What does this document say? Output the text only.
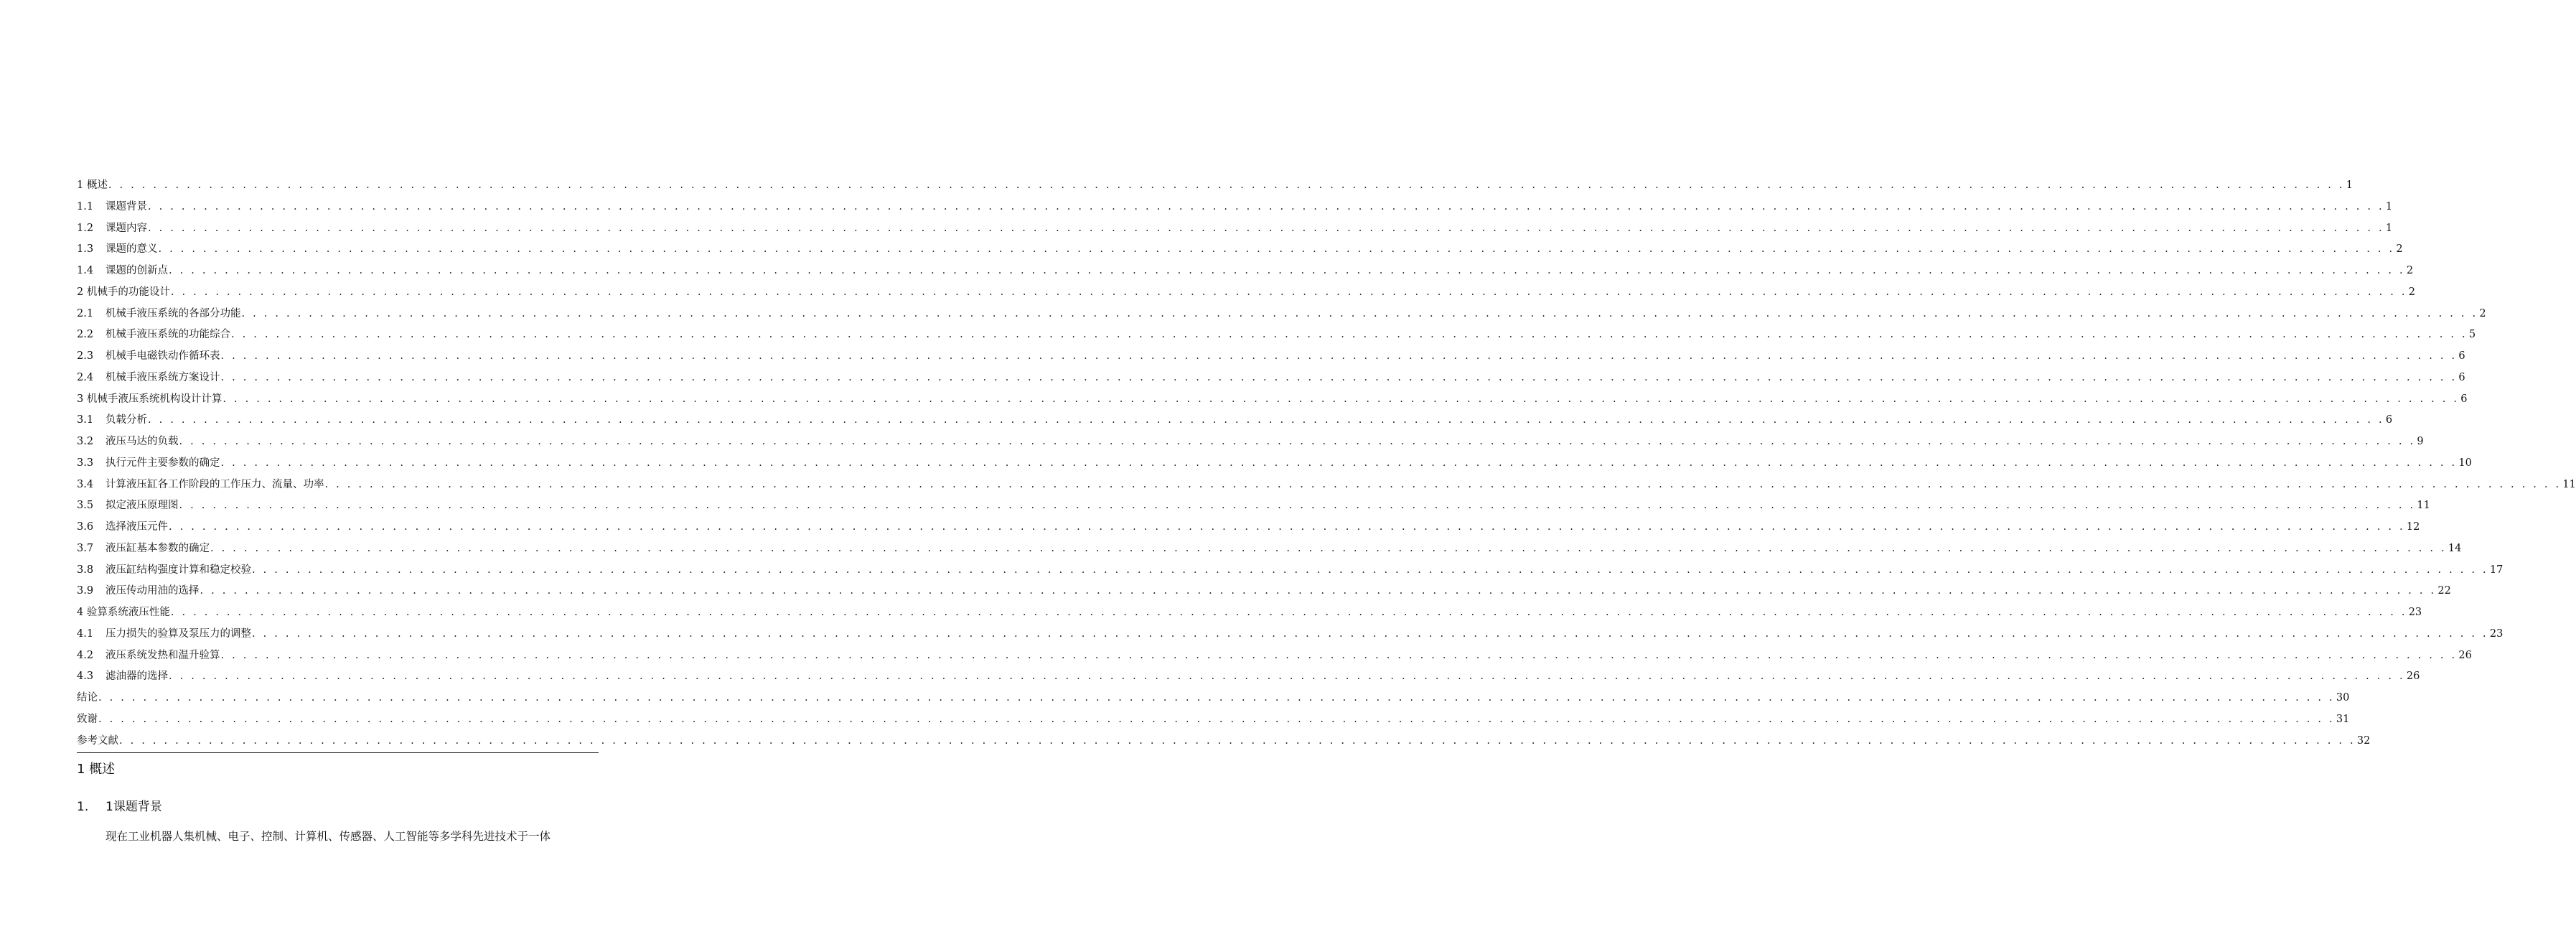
1 概述 . . . . . . . . . . . . . . . . . . . . . . . . . . . . . . . . . . . . . . . . . . . . . . . . . . . . . . . . . . . . . . . . . . . . . . . . . . . . . . . . . . . . . . . . . . . . . . . . . . . . . . . . . . . . . . . . . . . . . . . . . . . . . . . . . . . . . . . . . . . . . . . . . . . . . . . . . . . . . . . . . . . . . . . . . . . . . . . . . . . . . . . . . . . . . . . . . . . . . . . . 1
1.1	课题背景 . . . . . . . . . . . . . . . . . . . . . . . . . . . . . . . . . . . . . . . . . . . . . . . . . . . . . . . . . . . . . . . . . . . . . . . . . . . . . . . . . . . . . . . . . . . . . . . . . . . . . . . . . . . . . . . . . . . . . . . . . . . . . . . . . . . . . . . . . . . . . . . . . . . . . . . . . . . . . . . . . . . . . . . . . . . . . . . . . . . . . . . . . . . . . . . . . . . . . . . . 1
1.2	课题内容 . . . . . . . . . . . . . . . . . . . . . . . . . . . . . . . . . . . . . . . . . . . . . . . . . . . . . . . . . . . . . . . . . . . . . . . . . . . . . . . . . . . . . . . . . . . . . . . . . . . . . . . . . . . . . . . . . . . . . . . . . . . . . . . . . . . . . . . . . . . . . . . . . . . . . . . . . . . . . . . . . . . . . . . . . . . . . . . . . . . . . . . . . . . . . . . . . . . . . . . . 1
1.3	课题的意义 . . . . . . . . . . . . . . . . . . . . . . . . . . . . . . . . . . . . . . . . . . . . . . . . . . . . . . . . . . . . . . . . . . . . . . . . . . . . . . . . . . . . . . . . . . . . . . . . . . . . . . . . . . . . . . . . . . . . . . . . . . . . . . . . . . . . . . . . . . . . . . . . . . . . . . . . . . . . . . . . . . . . . . . . . . . . . . . . . . . . . . . . . . . . . . . . . . . . . . . . 2
1.4	课题的创新点 . . . . . . . . . . . . . . . . . . . . . . . . . . . . . . . . . . . . . . . . . . . . . . . . . . . . . . . . . . . . . . . . . . . . . . . . . . . . . . . . . . . . . . . . . . . . . . . . . . . . . . . . . . . . . . . . . . . . . . . . . . . . . . . . . . . . . . . . . . . . . . . . . . . . . . . . . . . . . . . . . . . . . . . . . . . . . . . . . . . . . . . . . . . . . . . . . . . . . . . . 2
2 机械手的功能设计 . . . . . . . . . . . . . . . . . . . . . . . . . . . . . . . . . . . . . . . . . . . . . . . . . . . . . . . . . . . . . . . . . . . . . . . . . . . . . . . . . . . . . . . . . . . . . . . . . . . . . . . . . . . . . . . . . . . . . . . . . . . . . . . . . . . . . . . . . . . . . . . . . . . . . . . . . . . . . . . . . . . . . . . . . . . . . . . . . . . . . . . . . . . . . . . . . . . . . . . . 2
2.1	机械手液压系统的各部分功能 . . . . . . . . . . . . . . . . . . . . . . . . . . . . . . . . . . . . . . . . . . . . . . . . . . . . . . . . . . . . . . . . . . . . . . . . . . . . . . . . . . . . . . . . . . . . . . . . . . . . . . . . . . . . . . . . . . . . . . . . . . . . . . . . . . . . . . . . . . . . . . . . . . . . . . . . . . . . . . . . . . . . . . . . . . . . . . . . . . . . . . . . . . . . . . . . . . . . . . . . 2
2.2	机械手液压系统的功能综合 . . . . . . . . . . . . . . . . . . . . . . . . . . . . . . . . . . . . . . . . . . . . . . . . . . . . . . . . . . . . . . . . . . . . . . . . . . . . . . . . . . . . . . . . . . . . . . . . . . . . . . . . . . . . . . . . . . . . . . . . . . . . . . . . . . . . . . . . . . . . . . . . . . . . . . . . . . . . . . . . . . . . . . . . . . . . . . . . . . . . . . . . . . . . . . . . . . . . . . . . 5
2.3	机械手电磁铁动作循环表 . . . . . . . . . . . . . . . . . . . . . . . . . . . . . . . . . . . . . . . . . . . . . . . . . . . . . . . . . . . . . . . . . . . . . . . . . . . . . . . . . . . . . . . . . . . . . . . . . . . . . . . . . . . . . . . . . . . . . . . . . . . . . . . . . . . . . . . . . . . . . . . . . . . . . . . . . . . . . . . . . . . . . . . . . . . . . . . . . . . . . . . . . . . . . . . . . . . . . . . . 6
2.4	机械手液压系统方案设计 . . . . . . . . . . . . . . . . . . . . . . . . . . . . . . . . . . . . . . . . . . . . . . . . . . . . . . . . . . . . . . . . . . . . . . . . . . . . . . . . . . . . . . . . . . . . . . . . . . . . . . . . . . . . . . . . . . . . . . . . . . . . . . . . . . . . . . . . . . . . . . . . . . . . . . . . . . . . . . . . . . . . . . . . . . . . . . . . . . . . . . . . . . . . . . . . . . . . . . . . 6
3 机械手液压系统机构设计计算 . . . . . . . . . . . . . . . . . . . . . . . . . . . . . . . . . . . . . . . . . . . . . . . . . . . . . . . . . . . . . . . . . . . . . . . . . . . . . . . . . . . . . . . . . . . . . . . . . . . . . . . . . . . . . . . . . . . . . . . . . . . . . . . . . . . . . . . . . . . . . . . . . . . . . . . . . . . . . . . . . . . . . . . . . . . . . . . . . . . . . . . . . . . . . . . . . . . . . . . . 6
3.1	负载分析 . . . . . . . . . . . . . . . . . . . . . . . . . . . . . . . . . . . . . . . . . . . . . . . . . . . . . . . . . . . . . . . . . . . . . . . . . . . . . . . . . . . . . . . . . . . . . . . . . . . . . . . . . . . . . . . . . . . . . . . . . . . . . . . . . . . . . . . . . . . . . . . . . . . . . . . . . . . . . . . . . . . . . . . . . . . . . . . . . . . . . . . . . . . . . . . . . . . . . . . . 6
3.2	液压马达的负载 . . . . . . . . . . . . . . . . . . . . . . . . . . . . . . . . . . . . . . . . . . . . . . . . . . . . . . . . . . . . . . . . . . . . . . . . . . . . . . . . . . . . . . . . . . . . . . . . . . . . . . . . . . . . . . . . . . . . . . . . . . . . . . . . . . . . . . . . . . . . . . . . . . . . . . . . . . . . . . . . . . . . . . . . . . . . . . . . . . . . . . . . . . . . . . . . . . . . . . . . 9
3.3	执行元件主要参数的确定 . . . . . . . . . . . . . . . . . . . . . . . . . . . . . . . . . . . . . . . . . . . . . . . . . . . . . . . . . . . . . . . . . . . . . . . . . . . . . . . . . . . . . . . . . . . . . . . . . . . . . . . . . . . . . . . . . . . . . . . . . . . . . . . . . . . . . . . . . . . . . . . . . . . . . . . . . . . . . . . . . . . . . . . . . . . . . . . . . . . . . . . . . . . . . . . . . . . . . . . . 10
3.4	计算液压缸各工作阶段的工作压力、流量、功率 . . . . . . . . . . . . . . . . . . . . . . . . . . . . . . . . . . . . . . . . . . . . . . . . . . . . . . . . . . . . . . . . . . . . . . . . . . . . . . . . . . . . . . . . . . . . . . . . . . . . . . . . . . . . . . . . . . . . . . . . . . . . . . . . . . . . . . . . . . . . . . . . . . . . . . . . . . . . . . . . . . . . . . . . . . . . . . . . . . . . . . . . . . . . . . . . . . . . . . . . 11
3.5	拟定液压原理图 . . . . . . . . . . . . . . . . . . . . . . . . . . . . . . . . . . . . . . . . . . . . . . . . . . . . . . . . . . . . . . . . . . . . . . . . . . . . . . . . . . . . . . . . . . . . . . . . . . . . . . . . . . . . . . . . . . . . . . . . . . . . . . . . . . . . . . . . . . . . . . . . . . . . . . . . . . . . . . . . . . . . . . . . . . . . . . . . . . . . . . . . . . . . . . . . . . . . . . . . 11
3.6	选择液压元件 . . . . . . . . . . . . . . . . . . . . . . . . . . . . . . . . . . . . . . . . . . . . . . . . . . . . . . . . . . . . . . . . . . . . . . . . . . . . . . . . . . . . . . . . . . . . . . . . . . . . . . . . . . . . . . . . . . . . . . . . . . . . . . . . . . . . . . . . . . . . . . . . . . . . . . . . . . . . . . . . . . . . . . . . . . . . . . . . . . . . . . . . . . . . . . . . . . . . . . . . 12
3.7	液压缸基本参数的确定 . . . . . . . . . . . . . . . . . . . . . . . . . . . . . . . . . . . . . . . . . . . . . . . . . . . . . . . . . . . . . . . . . . . . . . . . . . . . . . . . . . . . . . . . . . . . . . . . . . . . . . . . . . . . . . . . . . . . . . . . . . . . . . . . . . . . . . . . . . . . . . . . . . . . . . . . . . . . . . . . . . . . . . . . . . . . . . . . . . . . . . . . . . . . . . . . . . . . . . . . 14
3.8	液压缸结构强度计算和稳定校验 . . . . . . . . . . . . . . . . . . . . . . . . . . . . . . . . . . . . . . . . . . . . . . . . . . . . . . . . . . . . . . . . . . . . . . . . . . . . . . . . . . . . . . . . . . . . . . . . . . . . . . . . . . . . . . . . . . . . . . . . . . . . . . . . . . . . . . . . . . . . . . . . . . . . . . . . . . . . . . . . . . . . . . . . . . . . . . . . . . . . . . . . . . . . . . . . . . . . . . . . 17
3.9	液压传动用油的选择 . . . . . . . . . . . . . . . . . . . . . . . . . . . . . . . . . . . . . . . . . . . . . . . . . . . . . . . . . . . . . . . . . . . . . . . . . . . . . . . . . . . . . . . . . . . . . . . . . . . . . . . . . . . . . . . . . . . . . . . . . . . . . . . . . . . . . . . . . . . . . . . . . . . . . . . . . . . . . . . . . . . . . . . . . . . . . . . . . . . . . . . . . . . . . . . . . . . . . . . . 22
4 验算系统液压性能 . . . . . . . . . . . . . . . . . . . . . . . . . . . . . . . . . . . . . . . . . . . . . . . . . . . . . . . . . . . . . . . . . . . . . . . . . . . . . . . . . . . . . . . . . . . . . . . . . . . . . . . . . . . . . . . . . . . . . . . . . . . . . . . . . . . . . . . . . . . . . . . . . . . . . . . . . . . . . . . . . . . . . . . . . . . . . . . . . . . . . . . . . . . . . . . . . . . . . . . . 23
4.1	压力损失的验算及泵压力的调整 . . . . . . . . . . . . . . . . . . . . . . . . . . . . . . . . . . . . . . . . . . . . . . . . . . . . . . . . . . . . . . . . . . . . . . . . . . . . . . . . . . . . . . . . . . . . . . . . . . . . . . . . . . . . . . . . . . . . . . . . . . . . . . . . . . . . . . . . . . . . . . . . . . . . . . . . . . . . . . . . . . . . . . . . . . . . . . . . . . . . . . . . . . . . . . . . . . . . . . . . 23
4.2	液压系统发热和温升验算 . . . . . . . . . . . . . . . . . . . . . . . . . . . . . . . . . . . . . . . . . . . . . . . . . . . . . . . . . . . . . . . . . . . . . . . . . . . . . . . . . . . . . . . . . . . . . . . . . . . . . . . . . . . . . . . . . . . . . . . . . . . . . . . . . . . . . . . . . . . . . . . . . . . . . . . . . . . . . . . . . . . . . . . . . . . . . . . . . . . . . . . . . . . . . . . . . . . . . . . . 26
4.3	滤油器的选择 . . . . . . . . . . . . . . . . . . . . . . . . . . . . . . . . . . . . . . . . . . . . . . . . . . . . . . . . . . . . . . . . . . . . . . . . . . . . . . . . . . . . . . . . . . . . . . . . . . . . . . . . . . . . . . . . . . . . . . . . . . . . . . . . . . . . . . . . . . . . . . . . . . . . . . . . . . . . . . . . . . . . . . . . . . . . . . . . . . . . . . . . . . . . . . . . . . . . . . . . 26
结论 . . . . . . . . . . . . . . . . . . . . . . . . . . . . . . . . . . . . . . . . . . . . . . . . . . . . . . . . . . . . . . . . . . . . . . . . . . . . . . . . . . . . . . . . . . . . . . . . . . . . . . . . . . . . . . . . . . . . . . . . . . . . . . . . . . . . . . . . . . . . . . . . . . . . . . . . . . . . . . . . . . . . . . . . . . . . . . . . . . . . . . . . . . . . . . . . . . . . . . . . 30
致谢 . . . . . . . . . . . . . . . . . . . . . . . . . . . . . . . . . . . . . . . . . . . . . . . . . . . . . . . . . . . . . . . . . . . . . . . . . . . . . . . . . . . . . . . . . . . . . . . . . . . . . . . . . . . . . . . . . . . . . . . . . . . . . . . . . . . . . . . . . . . . . . . . . . . . . . . . . . . . . . . . . . . . . . . . . . . . . . . . . . . . . . . . . . . . . . . . . . . . . . . . 31
参考文献 . . . . . . . . . . . . . . . . . . . . . . . . . . . . . . . . . . . . . . . . . . . . . . . . . . . . . . . . . . . . . . . . . . . . . . . . . . . . . . . . . . . . . . . . . . . . . . . . . . . . . . . . . . . . . . . . . . . . . . . . . . . . . . . . . . . . . . . . . . . . . . . . . . . . . . . . . . . . . . . . . . . . . . . . . . . . . . . . . . . . . . . . . . . . . . . . . . . . . . . . 32
1 概述
1. 1课题背景
现在工业机器人集机械、电子、控制、计算机、传感器、人工智能等多学科先进技术于一体
